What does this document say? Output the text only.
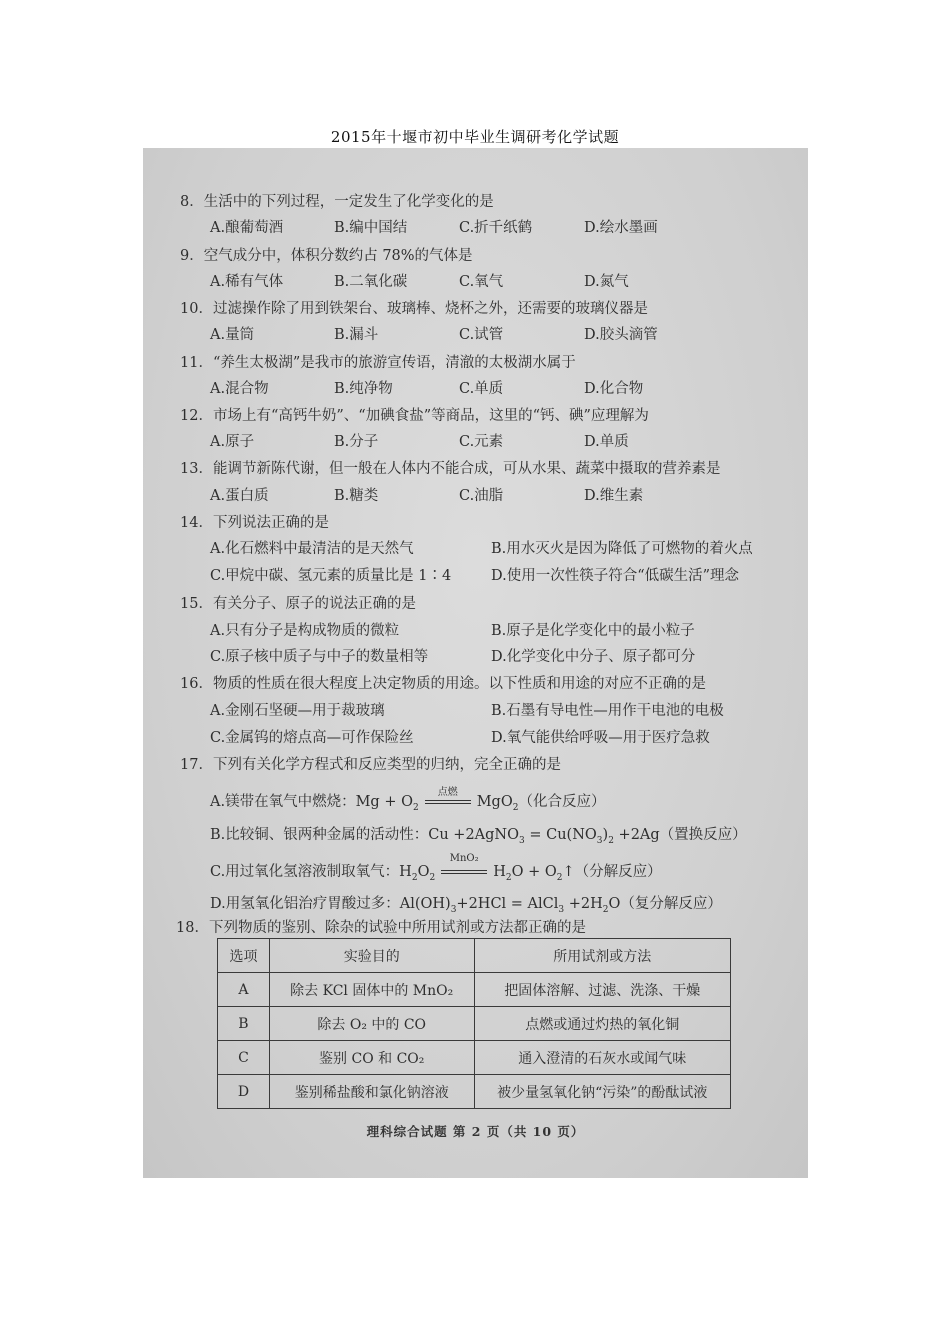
2015年十堰市初中毕业生调研考化学试题
8．生活中的下列过程，一定发生了化学变化的是
A.酿葡萄酒	B.编中国结	C.折千纸鹤	D.绘水墨画
9．空气成分中，体积分数约占 78%的气体是
A.稀有气体	B.二氧化碳	C.氧气	D.氮气
10．过滤操作除了用到铁架台、玻璃棒、烧杯之外，还需要的玻璃仪器是
A.量筒	B.漏斗	C.试管	D.胶头滴管
11．“养生太极湖”是我市的旅游宣传语，清澈的太极湖水属于
A.混合物	B.纯净物	C.单质	D.化合物
12．市场上有“高钙牛奶”、“加碘食盐”等商品，这里的“钙、碘”应理解为
A.原子	B.分子	C.元素	D.单质
13．能调节新陈代谢，但一般在人体内不能合成，可从水果、蔬菜中摄取的营养素是
A.蛋白质	B.糖类	C.油脂	D.维生素
14．下列说法正确的是
A.化石燃料中最清洁的是天然气	B.用水灭火是因为降低了可燃物的着火点
C.甲烷中碳、氢元素的质量比是 1∶4	D.使用一次性筷子符合“低碳生活”理念
15．有关分子、原子的说法正确的是
A.只有分子是构成物质的微粒	B.原子是化学变化中的最小粒子
C.原子核中质子与中子的数量相等	D.化学变化中分子、原子都可分
16．物质的性质在很大程度上决定物质的用途。以下性质和用途的对应不正确的是
A.金刚石坚硬—用于裁玻璃	B.石墨有导电性—用作干电池的电极
C.金属钨的熔点高—可作保险丝	D.氧气能供给呼吸—用于医疗急救
17．下列有关化学方程式和反应类型的归纳，完全正确的是
A.镁带在氧气中燃烧：$Mg + O_2$
点燃
MgO$_2$（化合反应）
B.比较铜、银两种金属的活动性：Cu +2AgNO$_3$ = $Cu(NO_3)_2 +2Ag$（置换反应）
C.用过氧化氢溶液制取氧气：$H_2O_2$
MnO₂
$H_2O$ + $O_2↑$（分解反应）
D.用氢氧化铝治疗胃酸过多：$Al(OH)_3+2HCl$ = AlCl$_3$ $+2H_2O$（复分解反应）
18．下列物质的鉴别、除杂的试验中所用试剂或方法都正确的是
选项	实验目的	所用试剂或方法
A	除去 KCl 固体中的 MnO₂	把固体溶解、过滤、洗涤、干燥
B	除去 O₂ 中的 CO	点燃或通过灼热的氧化铜
C	鉴别 CO 和 CO₂	通入澄清的石灰水或闻气味
D	鉴别稀盐酸和氯化钠溶液	被少量氢氧化钠“污染”的酚酞试液
理科综合试题 第 2 页（共 10 页）
